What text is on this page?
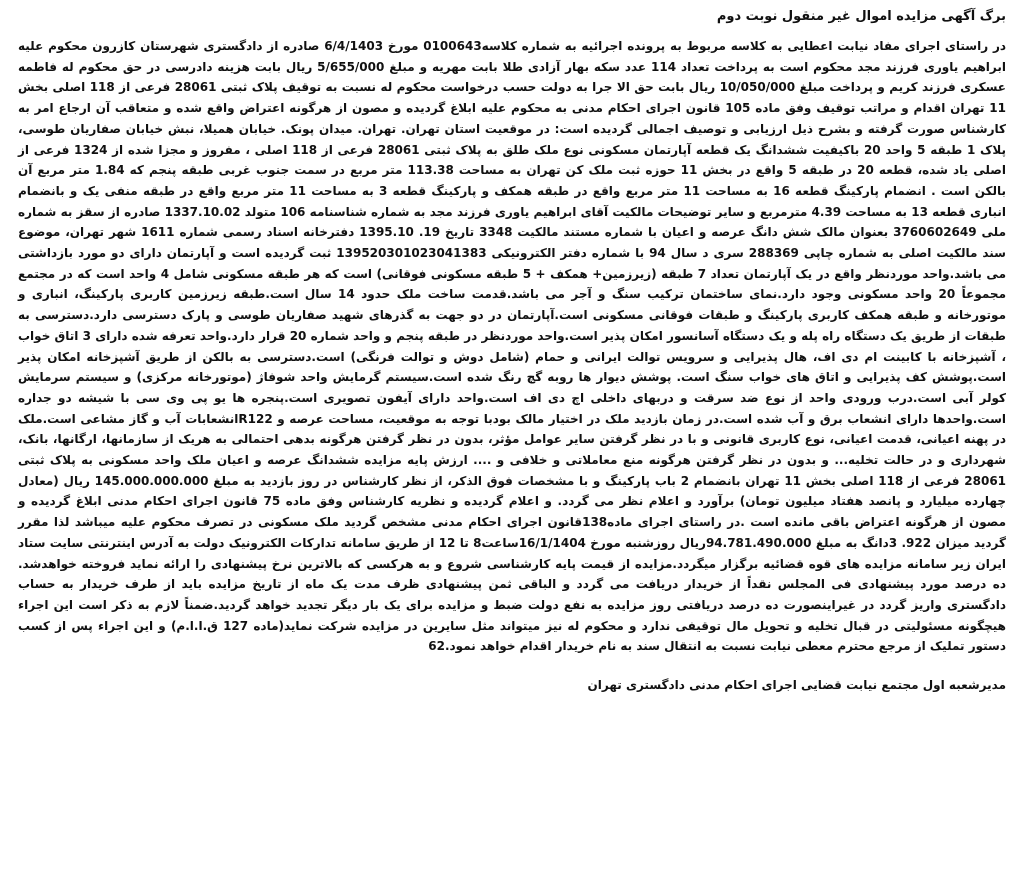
برگ آگهی مزایده اموال غیر منقول نوبت دوم

در راستای اجرای مفاد نیابت اعطایی به کلاسه مربوط به پرونده اجرائیه به شماره کلاسه0100643 مورخ 6/4/1403 صادره از دادگستری شهرستان کازرون محکوم علیه ابراهیم یاوری فرزند مجد محکوم است به پرداخت تعداد 114 عدد سکه بهار آزادی طلا بابت مهریه و مبلغ 5/655/000 ریال بابت هزینه دادرسی در حق محکوم له فاطمه عسکری فرزند کریم و پرداخت مبلغ 10/050/000 ریال بابت حق الا جرا به دولت حسب درخواست محکوم له نسبت به توقیف پلاک ثبتی 28061 فرعی از 118 اصلی بخش 11 تهران اقدام و مراتب توقیف وفق ماده 105 قانون اجرای احکام مدنی به محکوم علیه ابلاغ گردیده و مصون از هرگونه اعتراض واقع شده و متعاقب آن ارجاع امر به کارشناس صورت گرفته و بشرح ذیل ارزیابی و توصیف اجمالی گردیده است: در موقعیت استان تهران. تهران. میدان پونک. خیابان همیلا، نبش خیابان صفاریان طوسی، پلاک 1 طبقه 5 واحد 20 باکیفیت ششدانگ یک قطعه آپارتمان مسکونی نوع ملک طلق به پلاک ثبتی 28061 فرعی از 118 اصلی ، مفروز و مجزا شده از 1324 فرعی از اصلی یاد شده، قطعه 20 در طبقه 5 واقع در بخش 11 حوزه ثبت ملک کن تهران به مساحت 113.38 متر مربع در سمت جنوب غربی طبقه پنجم که 1.84 متر مربع آن بالکن است . انضمام پارکینگ قطعه 16 به مساحت 11 متر مربع واقع در طبقه همکف و پارکینگ قطعه 3 به مساحت 11 متر مربع واقع در طبقه منفی یک و بانضمام انباری قطعه 13 به مساحت 4.39 مترمربع و سایر توضیحات مالکیت آقای ابراهیم یاوری فرزند مجد به شماره شناسنامه 106 متولد 1337.10.02 صادره از سقز به شماره ملی 3760602649 بعنوان مالک شش دانگ عرصه و اعیان با شماره مستند مالکیت 3348 تاریخ 19. 1395.10 دفترخانه اسناد رسمی شماره 1611 شهر تهران، موضوع سند مالکیت اصلی به شماره چاپی 288369 سری د سال 94 با شماره دفتر الکترونیکی 139520301023041383 ثبت گردیده است و آپارتمان دارای دو مورد بازداشتی می باشد.واحد موردنظر واقع در یک آپارتمان تعداد 7 طبقه (زیرزمین+ همکف + 5 طبقه مسکونی فوقانی) است که هر طبقه مسکونی شامل 4 واحد است که در مجتمع مجموعاً 20 واحد مسکونی وجود دارد.نمای ساختمان ترکیب سنگ و آجر می باشد.قدمت ساخت ملک حدود 14 سال است.طبقه زیرزمین کاربری پارکینگ، انباری و موتورخانه و طبقه همکف کاربری پارکینگ و طبقات فوقانی مسکونی است.آپارتمان در دو جهت به گذرهای شهید صفاریان طوسی و پارک دسترسی دارد.دسترسی به طبقات از طریق یک دستگاه راه پله و یک دستگاه آسانسور امکان پذیر است.واحد موردنظر در طبقه پنجم و واحد شماره 20 قرار دارد.واحد تعرفه شده دارای 3 اتاق خواب ، آشپزخانه با کابینت ام دی اف، هال پذیرایی و سرویس توالت ایرانی و حمام (شامل دوش و توالت فرنگی) است.دسترسی به بالکن از طریق آشپزخانه امکان پذیر است.پوشش کف پذیرایی و اتاق های خواب سنگ است. پوشش دیوار ها روبه گچ رنگ شده است.سیستم گرمایش واحد شوفاژ (موتورخانه مرکزی) و سیستم سرمایش کولر آبی است.درب ورودی واحد از نوع ضد سرقت و دربهای داخلی اچ دی اف است.واحد دارای آیفون تصویری است.پنجره ها یو پی وی سی با شیشه دو جداره است.واحدها دارای انشعاب برق و آب شده است.در زمان بازدید ملک در اختیار مالک بودبا توجه به موقعیت، مساحت عرصه و R122انشعابات آب و گاز مشاعی است.ملک در پهنه اعیانی، قدمت اعیانی، نوع کاربری قانونی و با در نظر گرفتن سایر عوامل مؤثر، بدون در نظر گرفتن هرگونه بدهی احتمالی به هریک از سازمانها، ارگانها، بانک، شهرداری و در حالت تخلیه... و بدون در نظر گرفتن هرگونه منع معاملاتی و خلافی و .... ارزش پایه مزایده ششدانگ عرصه و اعیان ملک واحد مسکونی به پلاک ثبتی 28061 فرعی از 118 اصلی بخش 11 تهران بانضمام 2 باب پارکینگ و با مشخصات فوق الذکر، از نظر کارشناس در روز بازدید به مبلغ 145.000.000.000 ریال (معادل چهارده میلیارد و پانصد هفتاد میلیون تومان) برآورد و اعلام نظر می گردد. و اعلام گردیده و نظریه کارشناس وفق ماده 75 قانون اجرای احکام مدنی ابلاغ گردیده و مصون از هرگونه اعتراض باقی مانده است .در راستای اجرای ماده138قانون اجرای احکام مدنی مشخص گردید ملک مسکونی در تصرف محکوم علیه میباشد لذا مقرر گردید میزان 922. 3دانگ به مبلغ 94.781.490.000ریال روزشنبه مورخ 16/1/1404ساعت8 تا 12 از طریق سامانه تدارکات الکترونیک دولت به آدرس اینترنتی سایت ستاد ایران زیر سامانه مزایده های قوه قضائیه برگزار میگردد.مزایده از قیمت پایه کارشناسی شروع و به هرکسی که بالاترین نرخ پیشنهادی را ارائه نماید فروخته خواهدشد. ده درصد مورد پیشنهادی فی المجلس نقداً از خریدار دریافت می گردد و الباقی ثمن پیشنهادی ظرف مدت یک ماه از تاریخ مزایده باید از طرف خریدار به حساب دادگستری واریز گردد در غیراینصورت ده درصد دریافتی روز مزایده به نفع دولت ضبط و مزایده برای یک بار دیگر تجدید خواهد گردید.ضمناً لازم به ذکر است این اجراء هیچگونه مسئولیتی در قبال تخلیه و تحویل مال توقیفی ندارد و محکوم له نیز میتواند مثل سایرین در مزایده شرکت نماید(ماده 127 ق.ا.ا.م) و این اجراء پس از کسب دستور تملیک از مرجع محترم معطی نیابت نسبت به انتقال سند به نام خریدار اقدام خواهد نمود.62

مدیرشعبه اول مجتمع نیابت قضایی اجرای احکام مدنی دادگستری تهران
